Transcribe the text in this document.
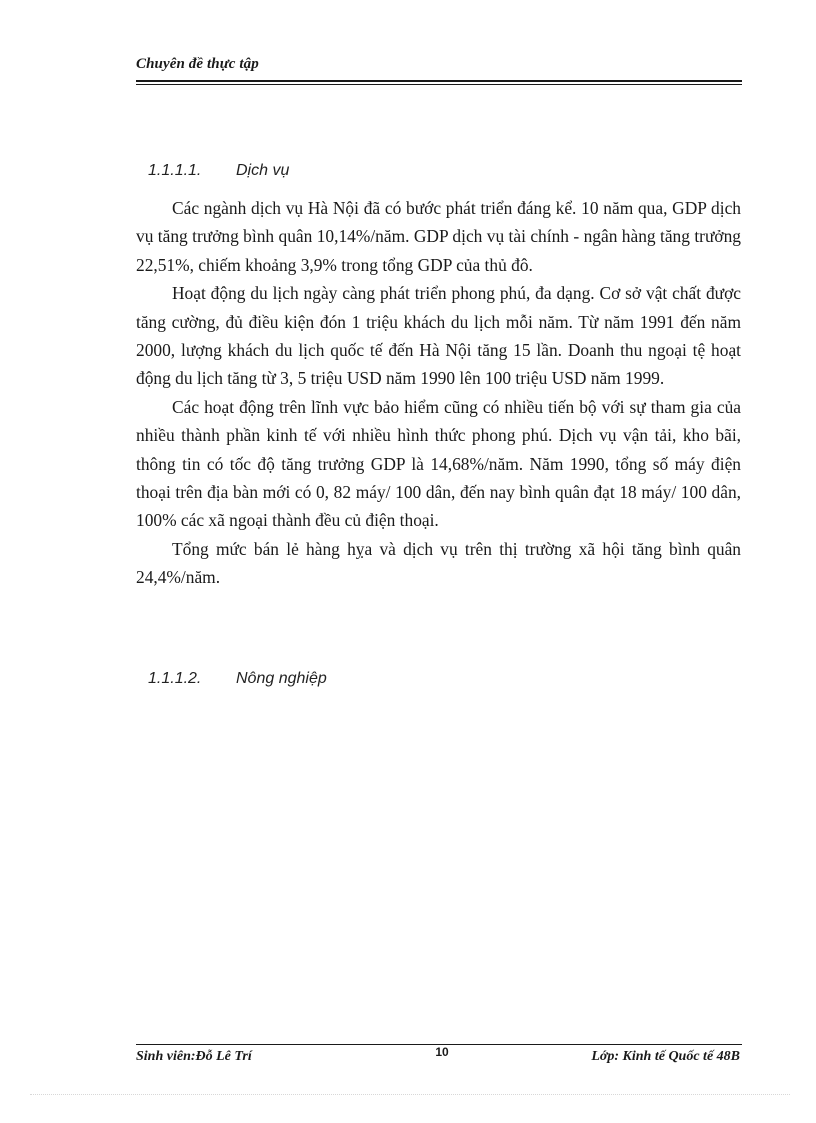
Chuyên đề thực tập
1.1.1.1. Dịch vụ

Các ngành dịch vụ Hà Nội đã có bước phát triển đáng kể. 10 năm qua, GDP dịch vụ tăng trưởng bình quân 10,14%/năm. GDP dịch vụ tài chính - ngân hàng tăng trưởng 22,51%, chiếm khoảng 3,9% trong tổng GDP của thủ đô.

Hoạt động du lịch ngày càng phát triển phong phú, đa dạng. Cơ sở vật chất được tăng cường, đủ điều kiện đón 1 triệu khách du lịch mỗi năm. Từ năm 1991 đến năm 2000, lượng khách du lịch quốc tế đến Hà Nội tăng 15 lần. Doanh thu ngoại tệ hoạt động du lịch tăng từ 3, 5 triệu USD năm 1990 lên 100 triệu USD năm 1999.

Các hoạt động trên lĩnh vực bảo hiểm cũng có nhiều tiến bộ với sự tham gia của nhiều thành phần kinh tế với nhiều hình thức phong phú. Dịch vụ vận tải, kho bãi, thông tin có tốc độ tăng trưởng GDP là 14,68%/năm. Năm 1990, tổng số máy điện thoại trên địa bàn mới có 0, 82 máy/ 100 dân, đến nay bình quân đạt 18 máy/ 100 dân, 100% các xã ngoại thành đều củ điện thoại.

Tổng mức bán lẻ hàng hỵa và dịch vụ trên thị trường xã hội tăng bình quân 24,4%/năm.

1.1.1.2. Nông nghiệp
Sinh viên:Đỗ Lê Trí	10	Lớp: Kinh tế Quốc tế 48B
